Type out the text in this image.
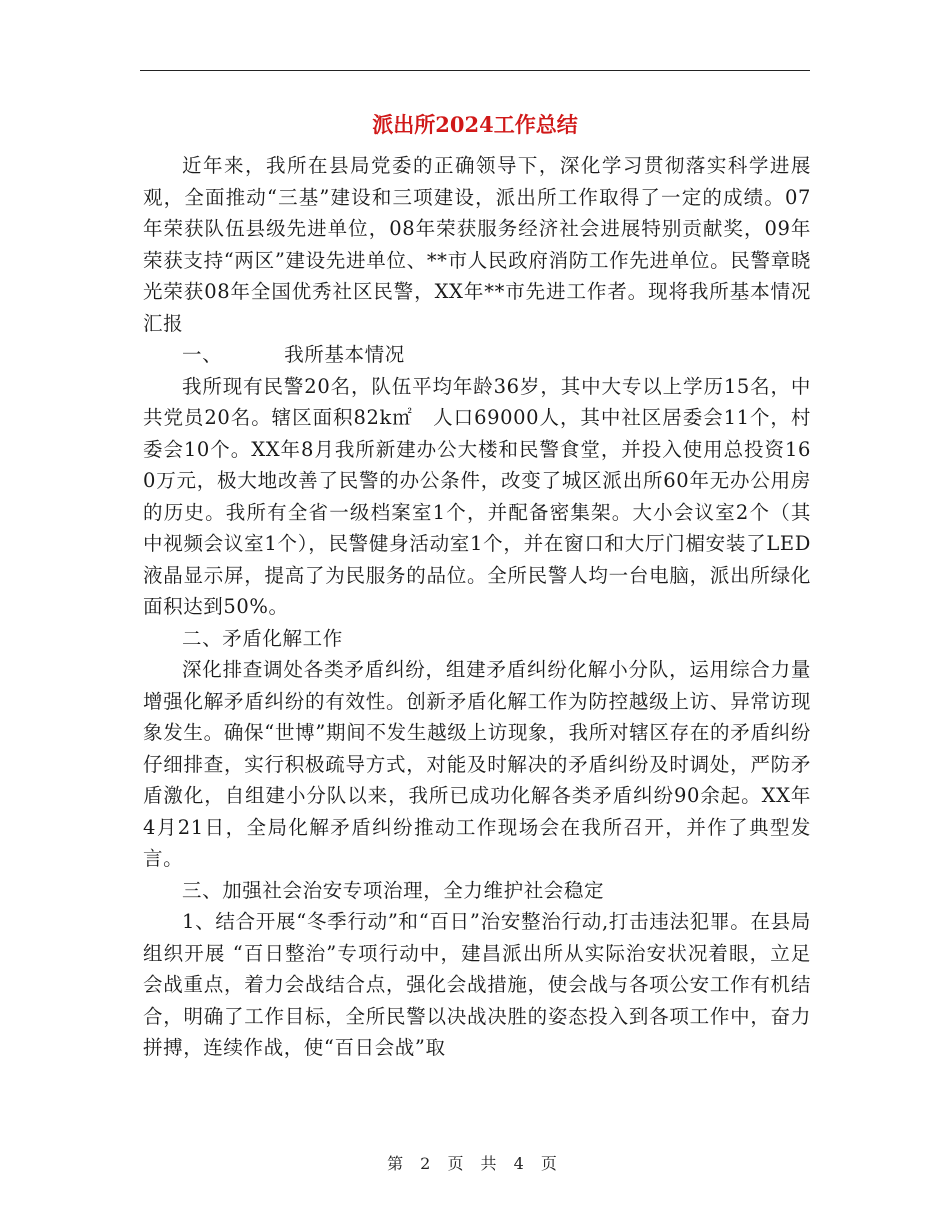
派出所2024工作总结

近年来，我所在县局党委的正确领导下，深化学习贯彻落实科学进展观，全面推动“三基”建设和三项建设，派出所工作取得了一定的成绩。07年荣获队伍县级先进单位，08年荣获服务经济社会进展特别贡献奖，09年荣获支持“两区”建设先进单位、**市人民政府消防工作先进单位。民警章晓光荣获08年全国优秀社区民警，XX年**市先进工作者。现将我所基本情况汇报

一、	我所基本情况

我所现有民警20名，队伍平均年龄36岁，其中大专以上学历15名，中共党员20名。辖区面积82k㎡　人口69000人，其中社区居委会11个，村委会10个。XX年8月我所新建办公大楼和民警食堂，并投入使用总投资160万元，极大地改善了民警的办公条件，改变了城区派出所60年无办公用房的历史。我所有全省一级档案室1个，并配备密集架。大小会议室2个（其中视频会议室1个），民警健身活动室1个，并在窗口和大厅门楣安装了LED液晶显示屏，提高了为民服务的品位。全所民警人均一台电脑，派出所绿化面积达到50%。

二、矛盾化解工作

深化排查调处各类矛盾纠纷，组建矛盾纠纷化解小分队，运用综合力量增强化解矛盾纠纷的有效性。创新矛盾化解工作为防控越级上访、异常访现象发生。确保“世博”期间不发生越级上访现象，我所对辖区存在的矛盾纠纷仔细排查，实行积极疏导方式，对能及时解决的矛盾纠纷及时调处，严防矛盾激化，自组建小分队以来，我所已成功化解各类矛盾纠纷90余起。XX年4月21日，全局化解矛盾纠纷推动工作现场会在我所召开，并作了典型发言。

三、加强社会治安专项治理，全力维护社会稳定

1、结合开展“冬季行动”和“百日”治安整治行动,打击违法犯罪。在县局组织开展 “百日整治”专项行动中，建昌派出所从实际治安状况着眼，立足会战重点，着力会战结合点，强化会战措施，使会战与各项公安工作有机结合，明确了工作目标，全所民警以决战决胜的姿态投入到各项工作中，奋力拼搏，连续作战，使“百日会战”取

第 2 页 共 4 页
